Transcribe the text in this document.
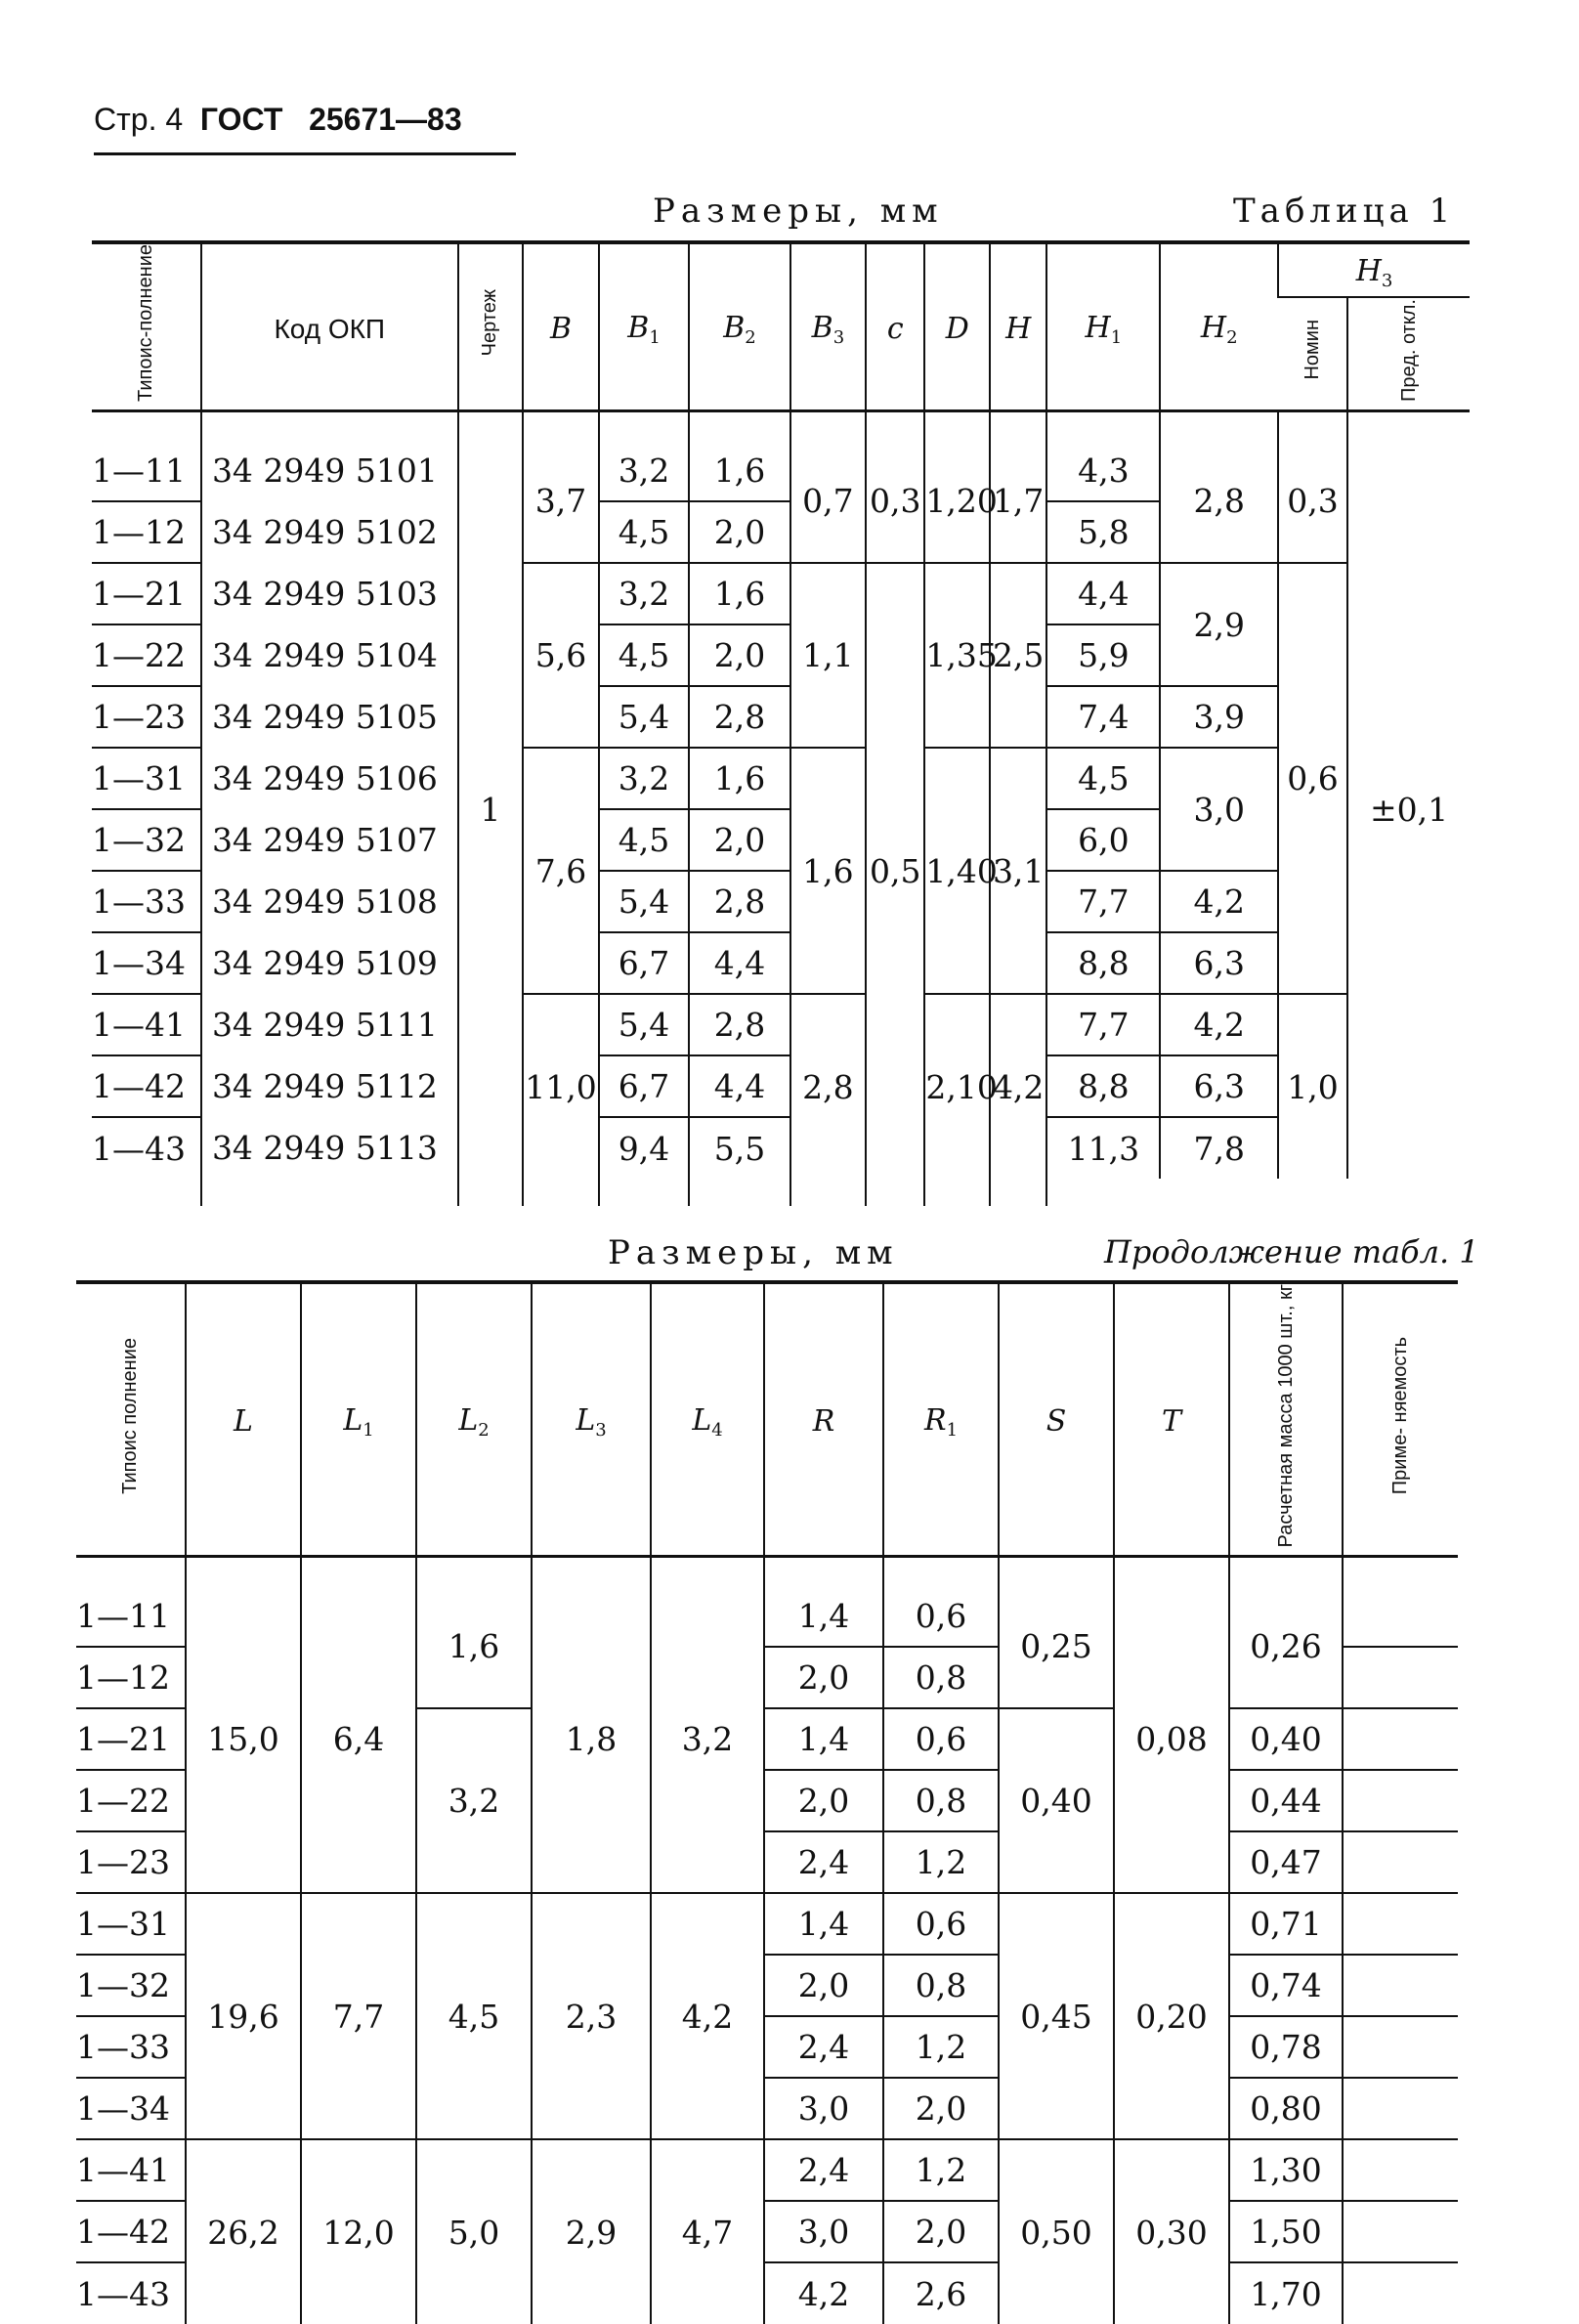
Стр. 4 ГОСТ 25671—83
Размеры, мм	Таблица 1
Типоис-полнение	Код ОКП	Чертеж	B	$B_1$	$B_2$	$B_3$	c	D	H	$H_1$	$H_2$	$H_3$
												Номин	Пред. откл.

1—11	34 2949 5101	1	3,7	3,2	1,6	0,7	0,3	1,20	1,7	4,3	2,8	0,3	±0,1
1—12	34 2949 5102			4,5	2,0					5,8			
1—21	34 2949 5103		5,6	3,2	1,6	1,1	0,5	1,35	2,5	4,4	2,9	0,6	
1—22	34 2949 5104			4,5	2,0					5,9			
1—23	34 2949 5105			5,4	2,8					7,4	3,9		
1—31	34 2949 5106		7,6	3,2	1,6	1,6		1,40	3,1	4,5	3,0		
1—32	34 2949 5107			4,5	2,0					6,0			
1—33	34 2949 5108			5,4	2,8					7,7	4,2		
1—34	34 2949 5109			6,7	4,4					8,8	6,3		
1—41	34 2949 5111		11,0	5,4	2,8	2,8		2,10	4,2	7,7	4,2	1,0	
1—42	34 2949 5112			6,7	4,4					8,8	6,3		
1—43	34 2949 5113			9,4	5,5					11,3	7,8		

Размеры, мм	Продолжение табл. 1
Типоис полнение	L	$L_1$	$L_2$	$L_3$	$L_4$	R	$R_1$	S	T	Расчетная масса 1000 шт., кг	Приме- няемость

1—11	15,0	6,4	1,6	1,8	3,2	1,4	0,6	0,25	0,08	0,26	
1—12						2,0	0,8				
1—21			3,2			1,4	0,6	0,40		0,40	
1—22						2,0	0,8			0,44	
1—23						2,4	1,2			0,47	
1—31	19,6	7,7	4,5	2,3	4,2	1,4	0,6	0,45	0,20	0,71	
1—32						2,0	0,8			0,74	
1—33						2,4	1,2			0,78	
1—34						3,0	2,0			0,80	
1—41	26,2	12,0	5,0	2,9	4,7	2,4	1,2	0,50	0,30	1,30	
1—42						3,0	2,0			1,50	
1—43						4,2	2,6			1,70	
